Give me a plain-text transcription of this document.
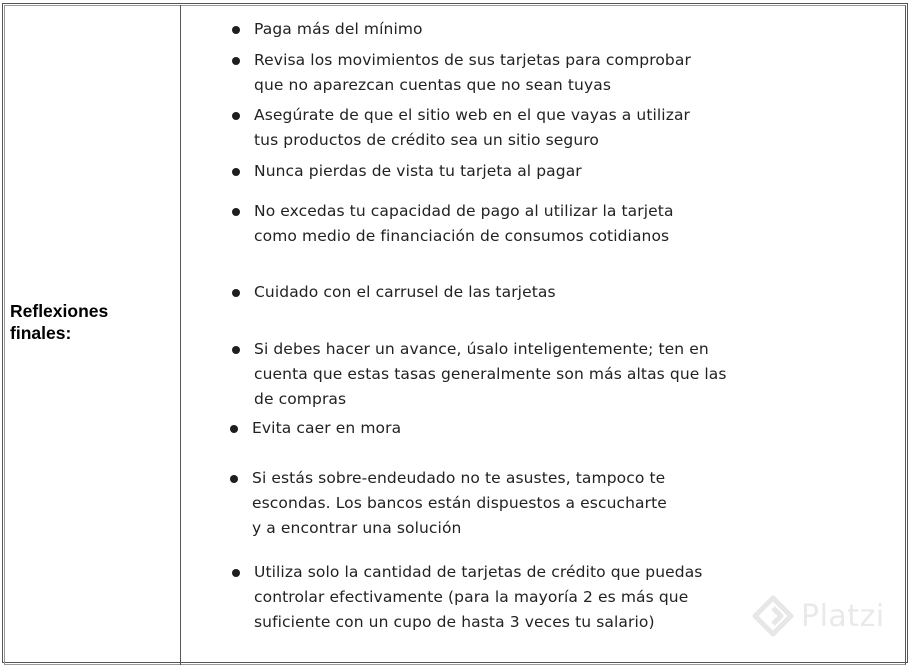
Reflexiones
finales:
Paga más del mínimo
Revisa los movimientos de sus tarjetas para comprobar
que no aparezcan cuentas que no sean tuyas
Asegúrate de que el sitio web en el que vayas a utilizar
tus productos de crédito sea un sitio seguro
Nunca pierdas de vista tu tarjeta al pagar
No excedas tu capacidad de pago al utilizar la tarjeta
como medio de financiación de consumos cotidianos
Cuidado con el carrusel de las tarjetas
Si debes hacer un avance, úsalo inteligentemente; ten en
cuenta que estas tasas generalmente son más altas que las
de compras
Evita caer en mora
Si estás sobre-endeudado no te asustes, tampoco te
escondas. Los bancos están dispuestos a escucharte
y a encontrar una solución
Utiliza solo la cantidad de tarjetas de crédito que puedas
controlar efectivamente (para la mayoría 2 es más que
suficiente con un cupo de hasta 3 veces tu salario)	Platzi
